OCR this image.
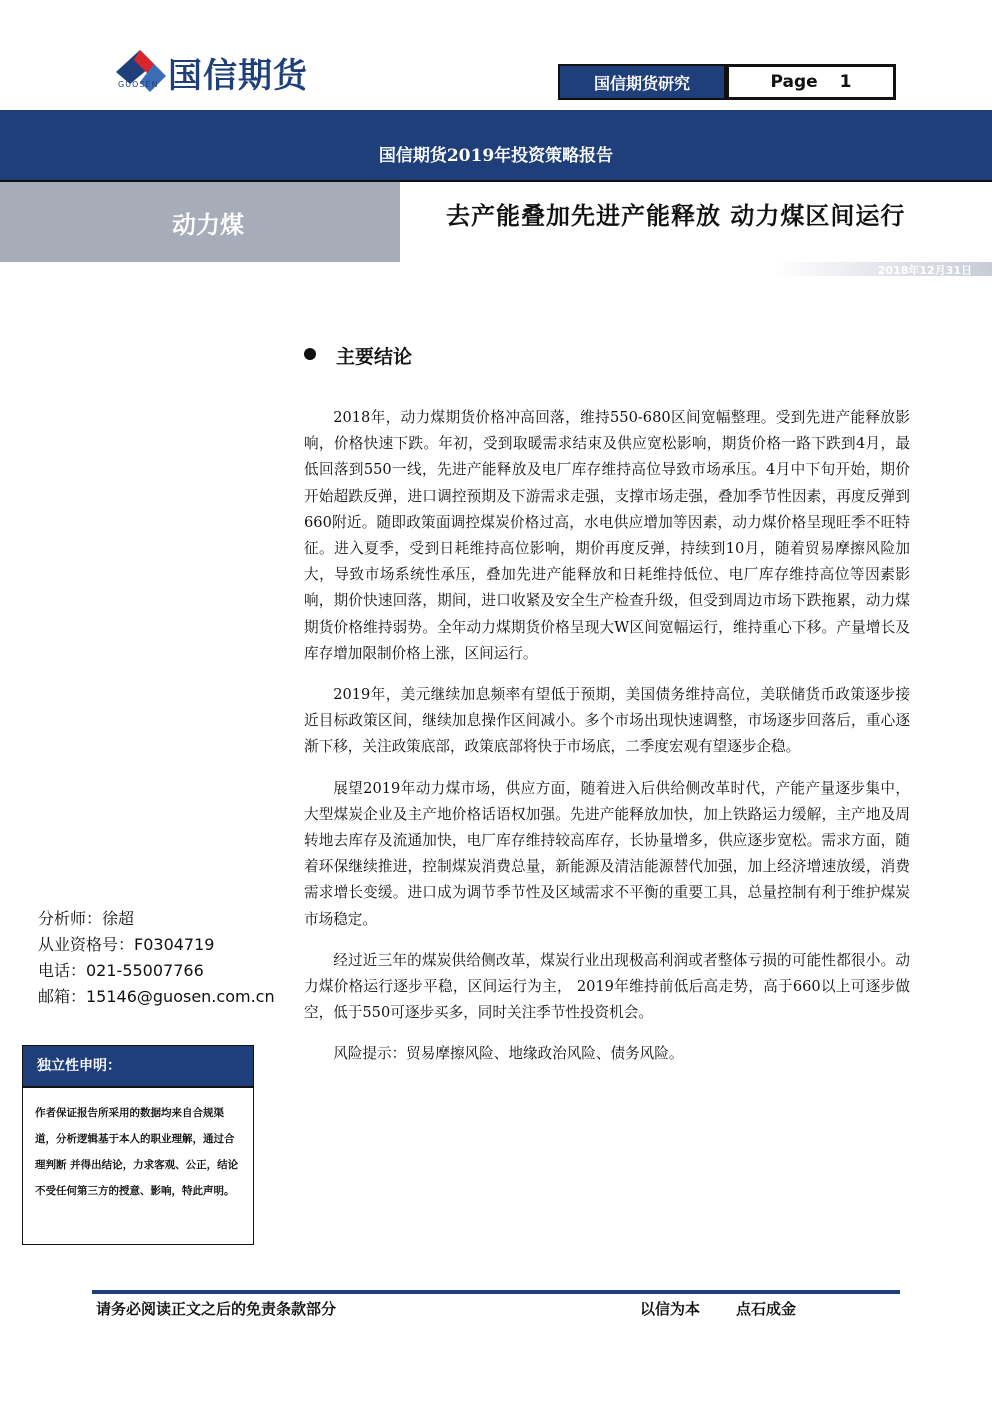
国信期货
GUOSEN	国信期货研究	Page 1
国信期货2019年投资策略报告
动力煤	去产能叠加先进产能释放 动力煤区间运行
2018年12月31日
主要结论

2018年，动力煤期货价格冲高回落，维持550-680区间宽幅整理。受到先进产能释放影响，价格快速下跌。年初，受到取暖需求结束及供应宽松影响，期货价格一路下跌到4月，最低回落到550一线，先进产能释放及电厂库存维持高位导致市场承压。4月中下旬开始，期价开始超跌反弹，进口调控预期及下游需求走强，支撑市场走强，叠加季节性因素，再度反弹到660附近。随即政策面调控煤炭价格过高，水电供应增加等因素，动力煤价格呈现旺季不旺特征。进入夏季，受到日耗维持高位影响，期价再度反弹，持续到10月，随着贸易摩擦风险加大，导致市场系统性承压，叠加先进产能释放和日耗维持低位、电厂库存维持高位等因素影响，期价快速回落，期间，进口收紧及安全生产检查升级，但受到周边市场下跌拖累，动力煤期货价格维持弱势。全年动力煤期货价格呈现大W区间宽幅运行，维持重心下移。产量增长及库存增加限制价格上涨，区间运行。

2019年，美元继续加息频率有望低于预期，美国债务维持高位，美联储货币政策逐步接近目标政策区间，继续加息操作区间减小。多个市场出现快速调整，市场逐步回落后，重心逐渐下移，关注政策底部，政策底部将快于市场底，二季度宏观有望逐步企稳。

展望2019年动力煤市场，供应方面，随着进入后供给侧改革时代，产能产量逐步集中，大型煤炭企业及主产地价格话语权加强。先进产能释放加快，加上铁路运力缓解，主产地及周转地去库存及流通加快，电厂库存维持较高库存，长协量增多，供应逐步宽松。需求方面，随着环保继续推进，控制煤炭消费总量，新能源及清洁能源替代加强，加上经济增速放缓，消费需求增长变缓。进口成为调节季节性及区域需求不平衡的重要工具，总量控制有利于维护煤炭市场稳定。

经过近三年的煤炭供给侧改革，煤炭行业出现极高利润或者整体亏损的可能性都很小。动力煤价格运行逐步平稳，区间运行为主， 2019年维持前低后高走势，高于660以上可逐步做空，低于550可逐步买多，同时关注季节性投资机会。

风险提示：贸易摩擦风险、地缘政治风险、债务风险。

分析师：徐超
从业资格号：F0304719
电话：021-55007766
邮箱：15146@guosen.com.cn
独立性申明：
作者保证报告所采用的数据均来自合规渠道，分析逻辑基于本人的职业理解，通过合理判断 并得出结论，力求客观、公正，结论不受任何第三方的授意、影响，特此声明。
请务必阅读正文之后的免责条款部分	以信为本 点石成金
